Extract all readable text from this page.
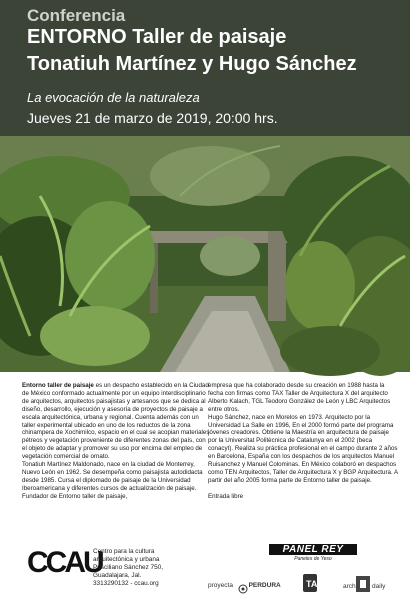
Conferencia
ENTORNO Taller de paisaje
Tonatiuh Martínez y Hugo Sánchez
La evocación de la naturaleza
Jueves 21 de marzo de 2019, 20:00 hrs.

Entorno taller de paisaje es un despacho establecido en la Ciudad de México conformado actualmente por un equipo interdisciplinario de arquitectos, arquitectos paisajistas y artesanos que se dedica al diseño, desarrollo, ejecución y asesoría de proyectos de paisaje a escala arquitectónica, urbana y regional. Cuenta además con un taller experimental ubicado en uno de los reductos de la zona chinampera de Xochimilco, espacio en el cual se acopian materiales pétreos y vegetación proveniente de diferentes zonas del país, con el objeto de adaptar y promover su uso por encima del empleo de vegetación comercial de ornato.

Tonatiuh Martínez Maldonado, nace en la ciudad de Monterrey, Nuevo León en 1962. Se desempeña como paisajista autodidacta desde 1985. Cursa el diplomado de paisaje de la Universidad Iberoamericana y diferentes cursos de actualización de paisaje. Fundador de Entorno taller de paisaje,

empresa que ha colaborado desde su creación en 1988 hasta la fecha con firmas como TAX Taller de Arquitectura X del arquitecto Alberto Kalach, TGL Teodoro González de León y LBC Arquitectos entre otros.

Hugo Sánchez, nace en Morelos en 1973. Arquitecto por la Universidad La Salle en 1996, En el 2000 formó parte del programa jóvenes creadores. Obtiene la Maestría en arquitectura de paisaje por la Universitat Politècnica de Catalunya en el 2002 (beca conacyt). Realiza su práctica profesional en el campo durante 2 años en Barcelona, España con los despachos de los arquitectos Manuel Ruisanchez y Manuel Colominas. En México colaboró en despachos como TEN Arquitectos, Taller de Arquitectura X y BGP Arquitectura. A partir del año 2005 forma parte de Entorno taller de paisaje.

Entrada libre

CCAU
Centro para la cultura
arquitectónica y urbana
Prisciliano Sánchez 750,
Guadalajara, Jal.
3313290132 - ccau.org
PANEL REY
Paneles de Yeso
proyecta PERDURA	TA	arch	daily
